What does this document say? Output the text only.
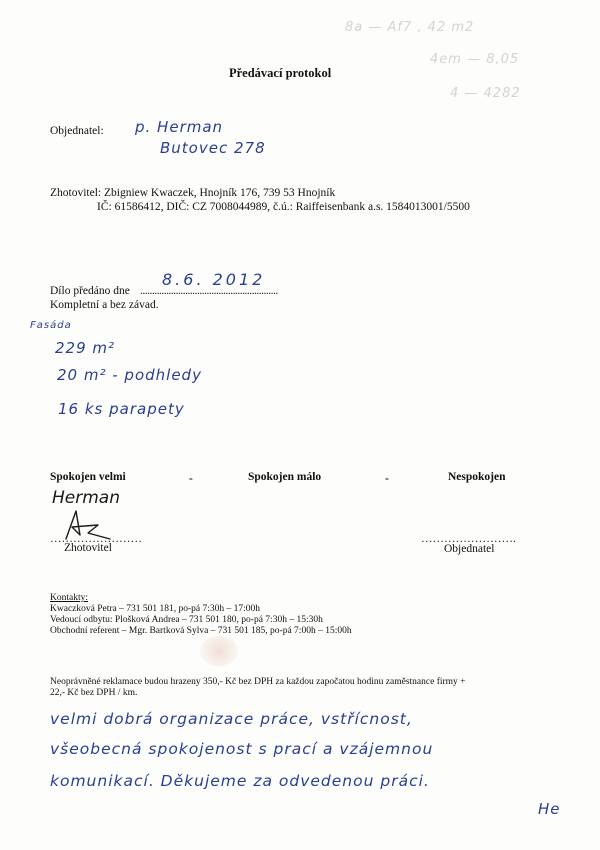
8a — Af7 , 42 m2
4em — 8,05
4 — 4282
Předávací protokol
Objednatel: p. Herman
Butovec 278
Zhotovitel: Zbigniew Kwaczek, Hnojník 176, 739 53 Hnojník
IČ: 61586412, DIČ: CZ 7008044989, č.ú.: Raiffeisenbank a.s. 1584013001/5500
Dílo předáno dne ..........................................................
8.6. 2012
Kompletní a bez závad.
Fasáda
229 m²
20 m² - podhledy
16 ks parapety
Spokojen velmi	-	Spokojen málo	-	Nespokojen
Herman
……………………
Zhotovitel
…………………….
Objednatel
Kontakty:
Kwaczková Petra – 731 501 181, po-pá 7:30h – 17:00h
Vedoucí odbytu: Plošková Andrea – 731 501 180, po-pá 7:30h – 15:30h
Obchodní referent – Mgr. Bartková Sylva – 731 501 185, po-pá 7:00h – 15:00h
Neoprávněné reklamace budou hrazeny 350,- Kč bez DPH za každou započatou hodinu zaměstnance firmy +
22,- Kč bez DPH / km.
velmi dobrá organizace práce, vstřícnost,
všeobecná spokojenost s prací a vzájemnou
komunikací. Děkujeme za odvedenou práci.
He
